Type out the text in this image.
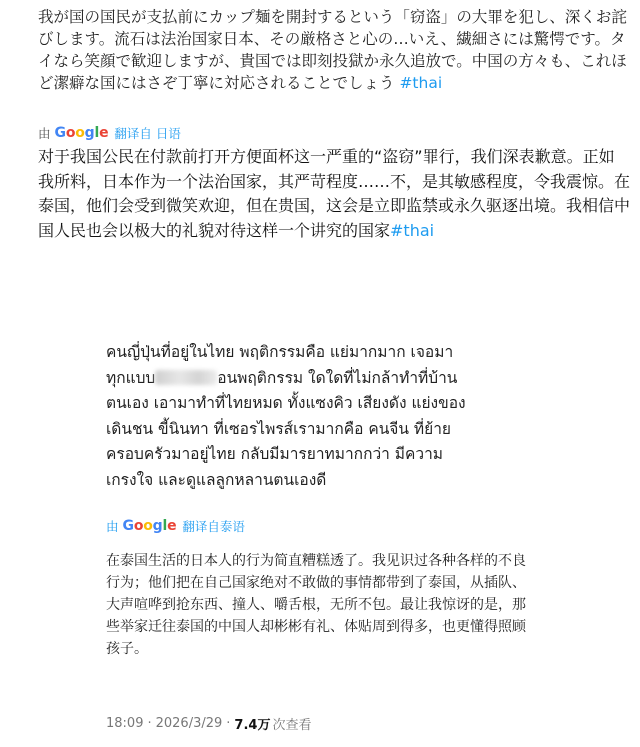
我が国の国民が支払前にカップ麺を開封するという「窃盗」の大罪を犯し、深くお詫びします。流石は法治国家日本、その厳格さと心の…いえ、繊細さには驚愕です。タイなら笑顔で歓迎しますが、貴国では即刻投獄か永久追放で。中国の方々も、これほど潔癖な国にはさぞ丁寧に対応されることでしょう #thai
由 Google 翻译自 日语
对于我国公民在付款前打开方便面杯这一严重的“盗窃”罪行，我们深表歉意。正如我所料，日本作为一个法治国家，其严苛程度……不，是其敏感程度，令我震惊。在泰国，他们会受到微笑欢迎，但在贵国，这会是立即监禁或永久驱逐出境。我相信中国人民也会以极大的礼貌对待这样一个讲究的国家#thai
คนญี่ปุ่นที่อยู่ในไทย พฤติกรรมคือ แย่มากมาก เจอมา
ทุกแบบ	อนพฤติกรรม ใดใดที่ไม่กล้าทำที่บ้าน
ตนเอง เอามาทำที่ไทยหมด ทั้งแซงคิว เสียงดัง แย่งของ
เดินชน ขี้นินทา ที่เซอรไพรส์เรามากคือ คนจีน ที่ย้าย
ครอบครัวมาอยู่ไทย กลับมีมารยาทมากกว่า มีความ
เกรงใจ และดูแลลูกหลานตนเองดี
由 Google 翻译自泰语
在泰国生活的日本人的行为简直糟糕透了。我见识过各种各样的不良行为；他们把在自己国家绝对不敢做的事情都带到了泰国，从插队、大声喧哗到抢东西、撞人、嚼舌根，无所不包。最让我惊讶的是，那些举家迁往泰国的中国人却彬彬有礼、体贴周到得多，也更懂得照顾孩子。
18:09 · 2026/3/29 · 7.4万 次查看
